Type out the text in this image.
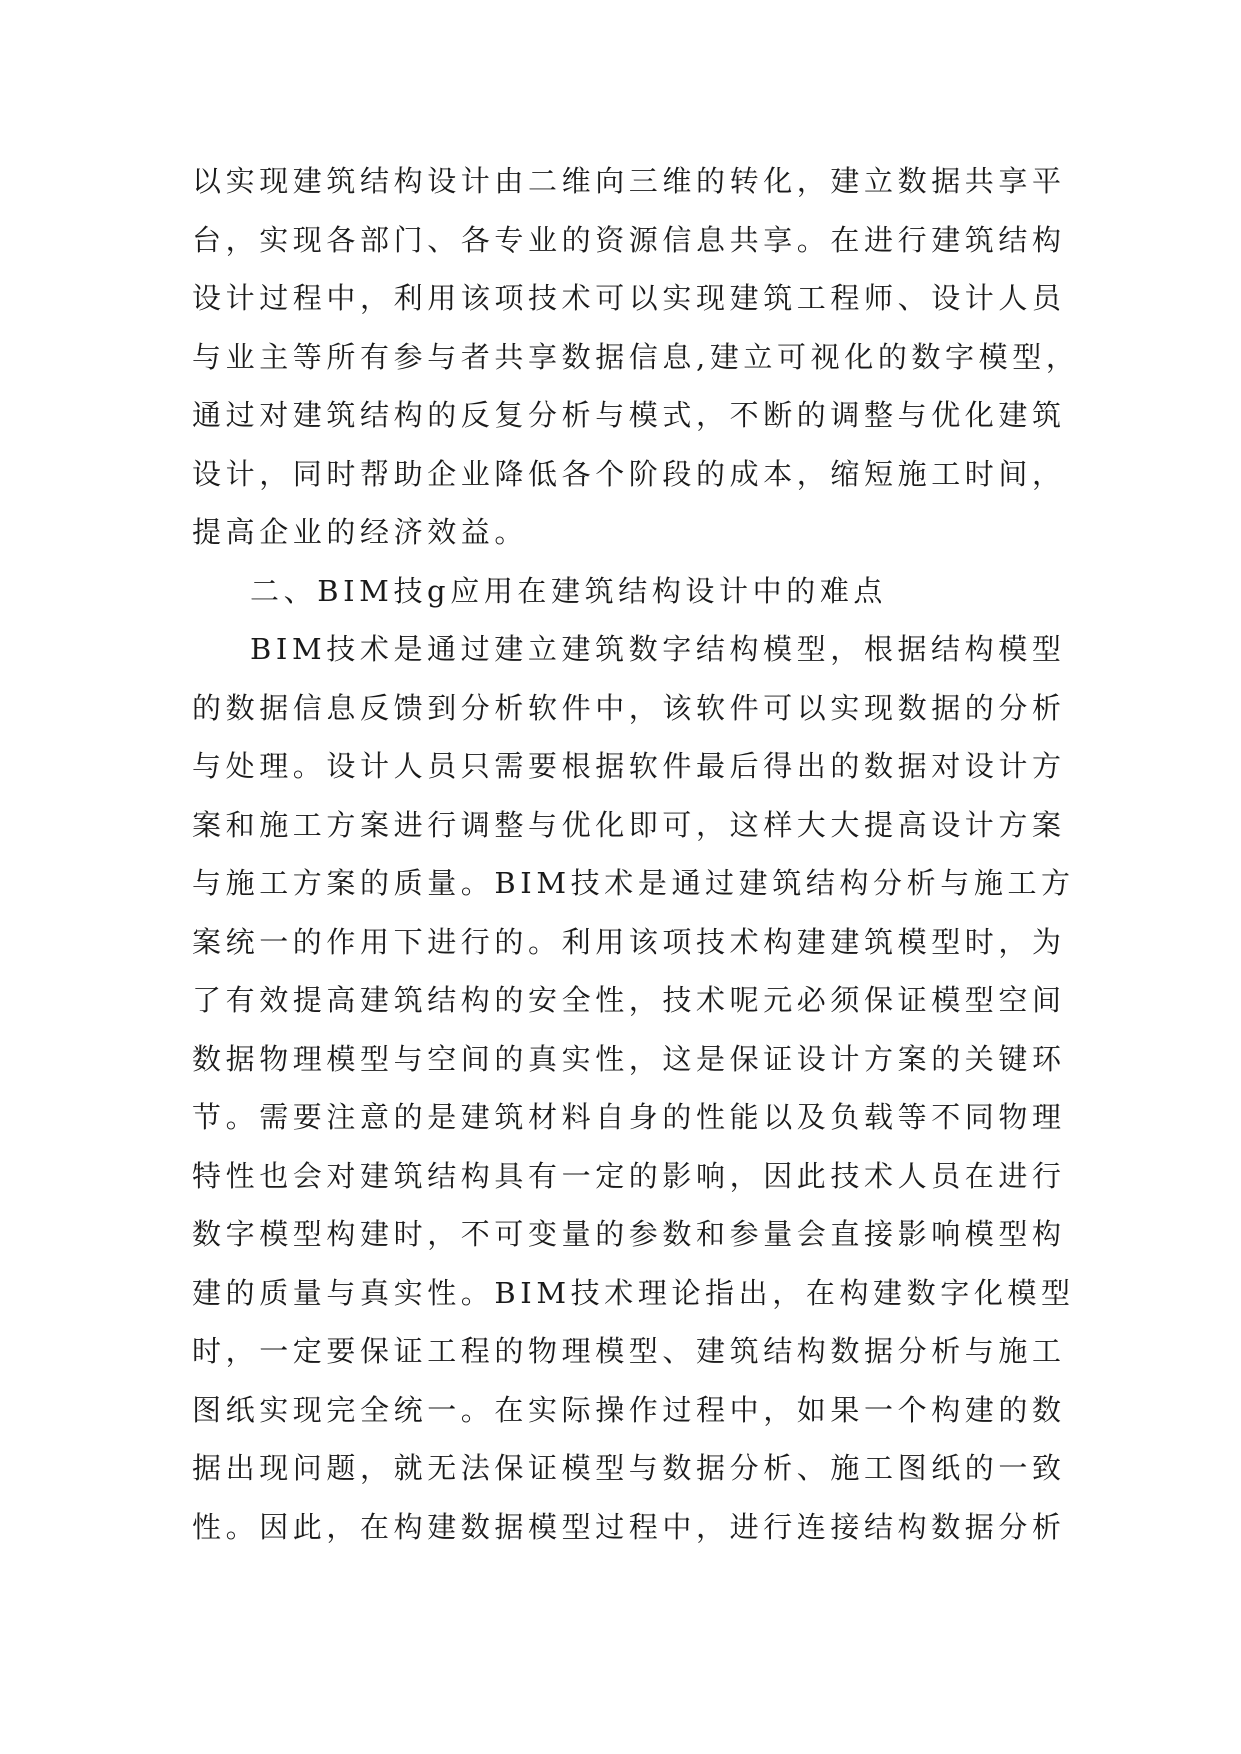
以实现建筑结构设计由二维向三维的转化，建立数据共享平
台，实现各部门、各专业的资源信息共享。在进行建筑结构
设计过程中，利用该项技术可以实现建筑工程师、设计人员
与业主等所有参与者共享数据信息,建立可视化的数字模型，
通过对建筑结构的反复分析与模式，不断的调整与优化建筑
设计，同时帮助企业降低各个阶段的成本，缩短施工时间，
提高企业的经济效益。
二、BIM技g应用在建筑结构设计中的难点
BIM技术是通过建立建筑数字结构模型，根据结构模型
的数据信息反馈到分析软件中，该软件可以实现数据的分析
与处理。设计人员只需要根据软件最后得出的数据对设计方
案和施工方案进行调整与优化即可，这样大大提高设计方案
与施工方案的质量。BIM技术是通过建筑结构分析与施工方
案统一的作用下进行的。利用该项技术构建建筑模型时，为
了有效提高建筑结构的安全性，技术呢元必须保证模型空间
数据物理模型与空间的真实性，这是保证设计方案的关键环
节。需要注意的是建筑材料自身的性能以及负载等不同物理
特性也会对建筑结构具有一定的影响，因此技术人员在进行
数字模型构建时，不可变量的参数和参量会直接影响模型构
建的质量与真实性。BIM技术理论指出，在构建数字化模型
时，一定要保证工程的物理模型、建筑结构数据分析与施工
图纸实现完全统一。在实际操作过程中，如果一个构建的数
据出现问题，就无法保证模型与数据分析、施工图纸的一致
性。因此，在构建数据模型过程中，进行连接结构数据分析
